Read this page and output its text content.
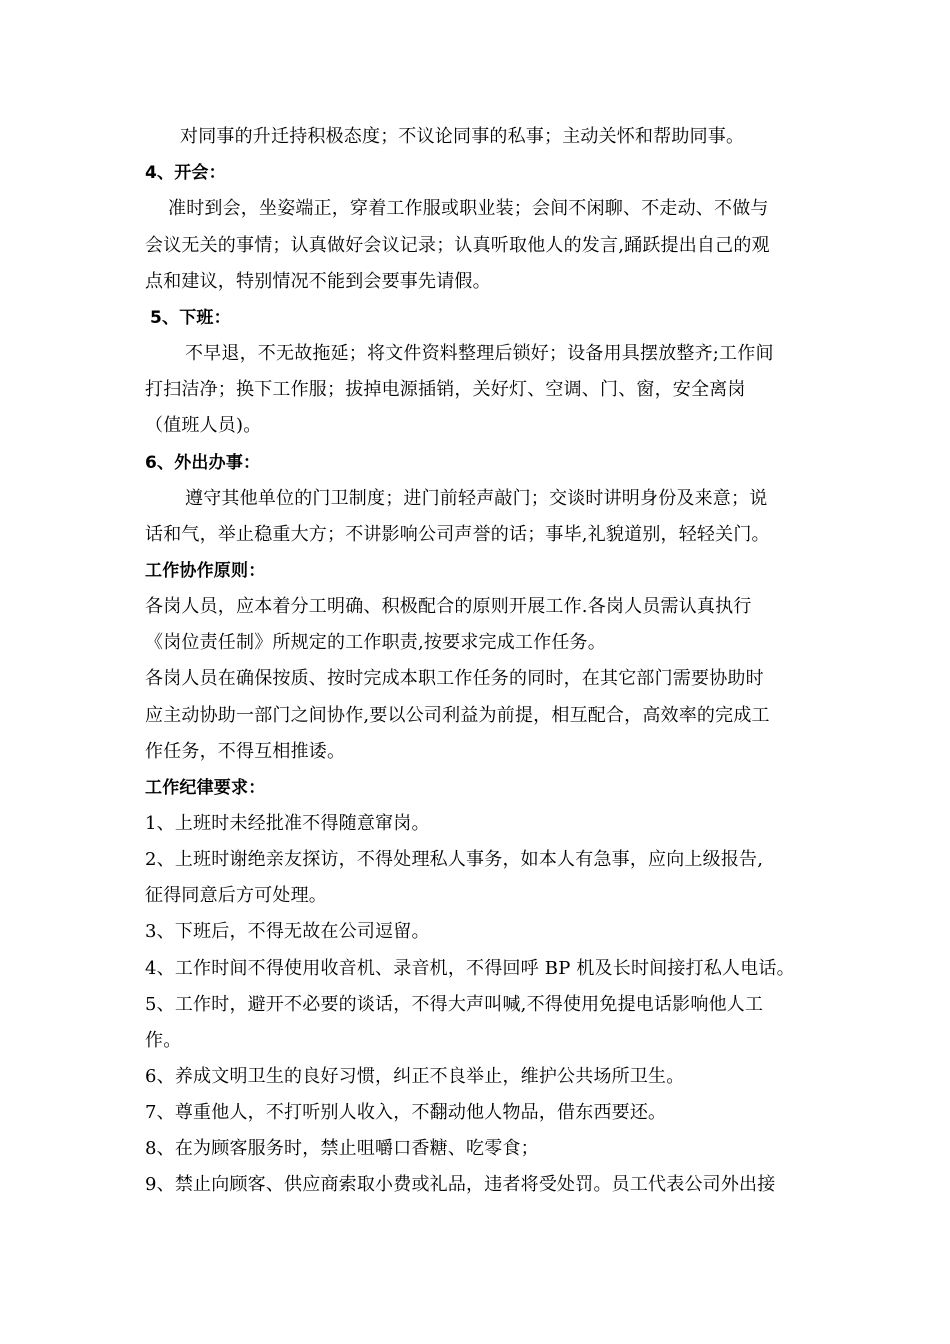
对同事的升迁持积极态度；不议论同事的私事；主动关怀和帮助同事。
4、开会：
准时到会，坐姿端正，穿着工作服或职业装；会间不闲聊、不走动、不做与
会议无关的事情；认真做好会议记录；认真听取他人的发言,踊跃提出自己的观
点和建议，特别情况不能到会要事先请假。
5、下班：
不早退，不无故拖延；将文件资料整理后锁好；设备用具摆放整齐;工作间
打扫洁净；换下工作服；拔掉电源插销，关好灯、空调、门、窗，安全离岗
（值班人员)。
6、外出办事：
遵守其他单位的门卫制度；进门前轻声敲门；交谈时讲明身份及来意；说
话和气，举止稳重大方；不讲影响公司声誉的话；事毕,礼貌道别，轻轻关门。
工作协作原则：
各岗人员，应本着分工明确、积极配合的原则开展工作.各岗人员需认真执行
《岗位责任制》所规定的工作职责,按要求完成工作任务。
各岗人员在确保按质、按时完成本职工作任务的同时，在其它部门需要协助时
应主动协助一部门之间协作,要以公司利益为前提，相互配合，高效率的完成工
作任务，不得互相推诿。
工作纪律要求：
1、上班时未经批准不得随意窜岗。
2、上班时谢绝亲友探访，不得处理私人事务，如本人有急事，应向上级报告,
征得同意后方可处理。
3、下班后，不得无故在公司逗留。
4、工作时间不得使用收音机、录音机，不得回呼 BP 机及长时间接打私人电话。
5、工作时，避开不必要的谈话，不得大声叫喊,不得使用免提电话影响他人工
作。
6、养成文明卫生的良好习惯，纠正不良举止，维护公共场所卫生。
7、尊重他人，不打听别人收入，不翻动他人物品，借东西要还。
8、在为顾客服务时，禁止咀嚼口香糖、吃零食；
9、禁止向顾客、供应商索取小费或礼品，违者将受处罚。员工代表公司外出接
